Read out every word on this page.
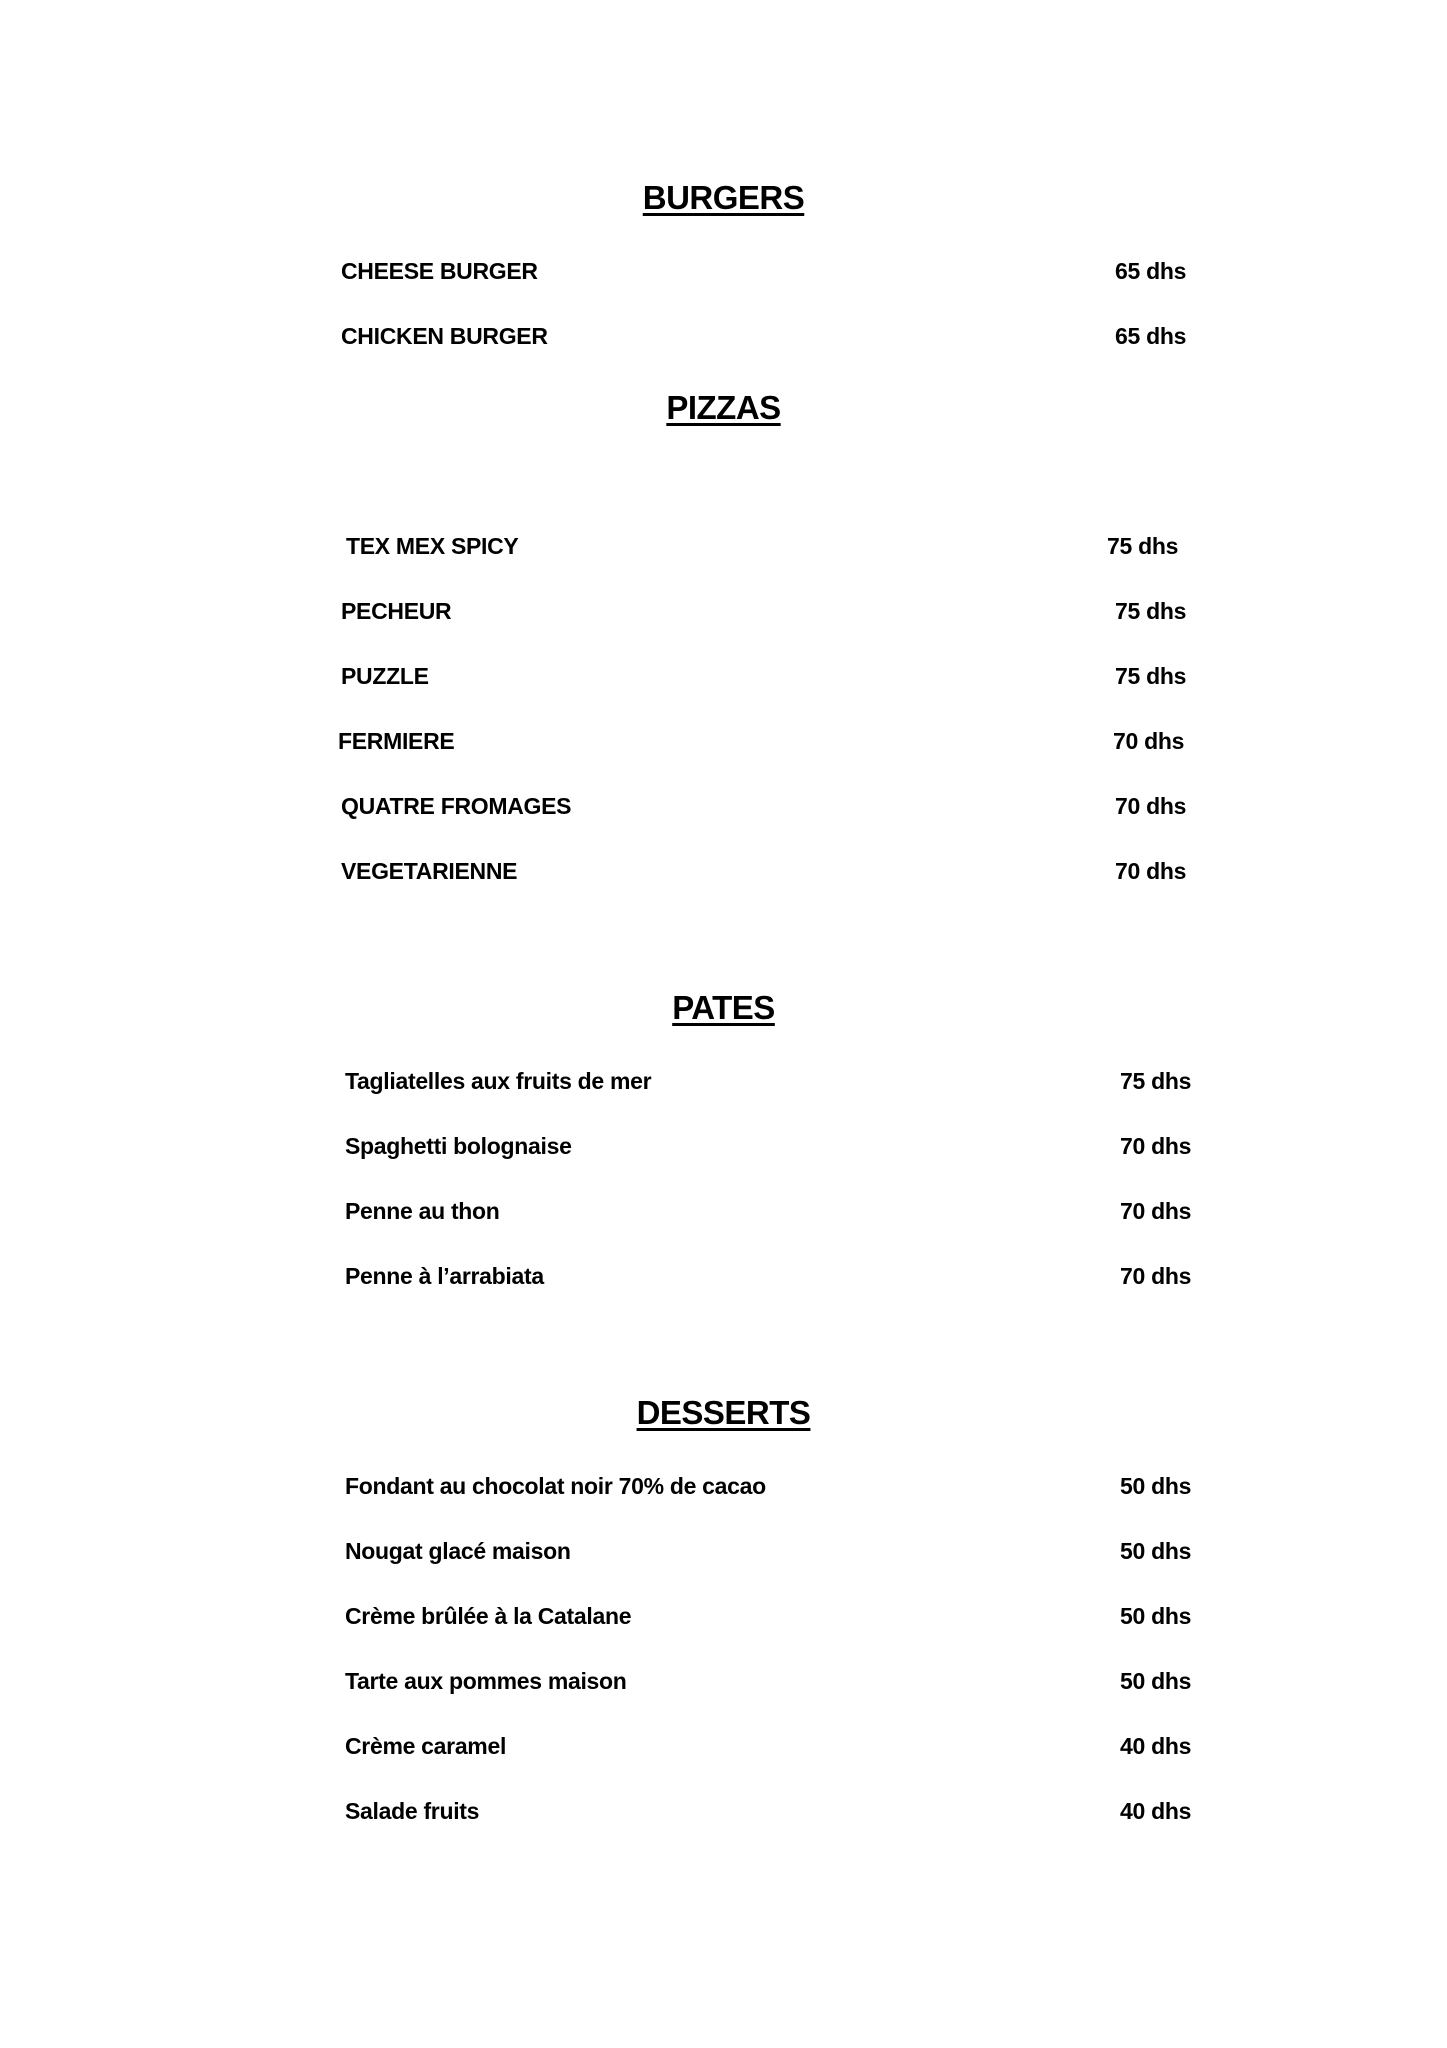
BURGERS
CHEESE BURGER	65 dhs
CHICKEN BURGER	65 dhs
PIZZAS
TEX MEX SPICY	75 dhs
PECHEUR	75 dhs
PUZZLE	75 dhs
FERMIERE	70 dhs
QUATRE FROMAGES	70 dhs
VEGETARIENNE	70 dhs
PATES
Tagliatelles aux fruits de mer	75 dhs
Spaghetti bolognaise	70 dhs
Penne au thon	70 dhs
Penne à l’arrabiata	70 dhs
DESSERTS
Fondant au chocolat noir 70% de cacao	50 dhs
Nougat glacé maison	50 dhs
Crème brûlée à la Catalane	50 dhs
Tarte aux pommes maison	50 dhs
Crème caramel	40 dhs
Salade fruits	40 dhs
